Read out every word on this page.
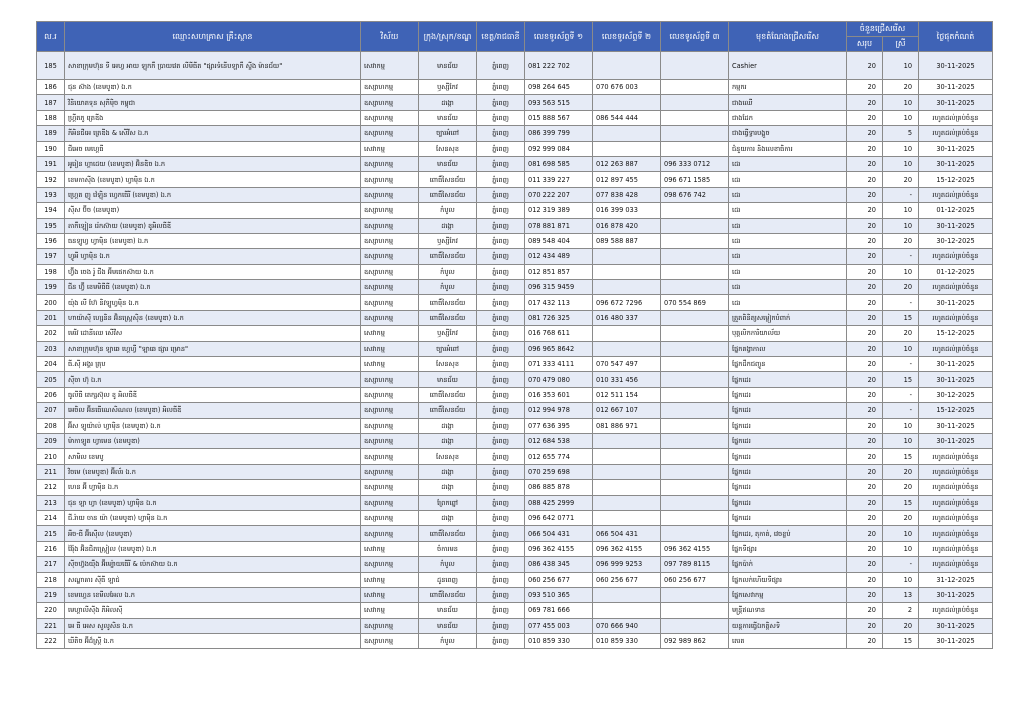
ល.រ	ឈ្មោះសហគ្រាស គ្រឹះស្ថាន	វិស័យ	ក្រុង/ស្រុក/ខណ្ឌ	ខេត្ត/រាជធានី	លេខទូរស័ព្ទទី ១	លេខទូរស័ព្ទទី ២	លេខទូរស័ព្ទទី ៣	មុខតំណែងជ្រើសរើស	ចំនួនជ្រើសរើស		ថ្ងៃផុតកំណត់
									សរុប	ស្រី	
185	សាខាក្រុមហ៊ុន ទី អេហ្វ អាយ ឡុកកឹ ប្រាយវេត លីមីធីត "ផ្សារទំនើបឡាកឹ ស្ទីង ម៉ានជ័យ"	សេវាកម្ម	មានជ័យ	ភ្នំពេញ	081 222 702			Cashier	20	10	30-11-2025
186	ជុន ស៊ាង (ខេមបូឌា) ឯ.ក	ឧស្សាហកម្ម	ឫស្សីកែវ	ភ្នំពេញ	098 264 645	070 676 003		កម្មករ	20	20	30-11-2025
187	វិនិយោគទុន សុភីម៉ិច កម្ពុជា	ឧស្សាហកម្ម	ដង្កោ	ភ្នំពេញ	093 563 515			ជាងឈើ	20	10	30-11-2025
188	ហ្គ្រីតភូ ត្រេឌីង	ឧស្សាហកម្ម	មានជ័យ	ភ្នំពេញ	015 888 567	086 544 444		ជាងដែក	20	10	រហូតដល់គ្រប់ចំនួន
189	ភីអិនជីអេ ត្រេឌីង & សើវីស ឯ.ក	ឧស្សាហកម្ម	ច្បារអំពៅ	ភ្នំពេញ	086 399 799			ជាងធ្វើទ្វារបង្អួច	20	5	រហូតដល់គ្រប់ចំនួន
190	ជីអេច មេហ្គេធី	សេវាកម្ម	សែនសុខ	ភ្នំពេញ	092 999 084			ជំនួយការ និងលេខាធិការ	20	10	30-11-2025
191	អូរៀន ហ្គាដេយ (ខេមបូឌា) អ៊ិនឌិច ឯ.ក	ឧស្សាហកម្ម	មានជ័យ	ភ្នំពេញ	081 698 585	012 263 887	096 333 0712	ដេរ	20	10	30-11-2025
192	ខេមកាស៊ីង (ខេមបូឌា) ហ្វាម៉ិន ឯ.ក	ឧស្សាហកម្ម	ពោធិ៍សែនជ័យ	ភ្នំពេញ	011 339 227	012 897 455	096 671 1585	ដេរ	20	20	15-12-2025
193	ហ្គ្រេត ញូ វ៉េឡ៉ិន ហ្វេកធើរី (ខេមបូឌា) ឯ.ក	ឧស្សាហកម្ម	ពោធិ៍សែនជ័យ	ភ្នំពេញ	070 222 207	077 838 428	098 676 742	ដេរ	20	-	រហូតដល់គ្រប់ចំនួន
194	ស៊ីស ប៊ីច (ខេមបូឌា)	ឧស្សាហកម្ម	កំបូល	ភ្នំពេញ	012 319 389	016 399 033		ដេរ	20	10	01-12-2025
195	តាកឹឡៀន រ៉េកស៊ាយ (ខេមបូឌា) ខូអិលធីឌី	ឧស្សាហកម្ម	ដង្កោ	ភ្នំពេញ	078 881 871	016 878 420		ដេរ	20	10	30-11-2025
196	ធនឡូហ្វ ហ្វាម៉ិន (ខេមបូឌា) ឯ.ក	ឧស្សាហកម្ម	ឫស្សីកែវ	ភ្នំពេញ	089 548 404	089 588 887		ដេរ	20	20	30-12-2025
197	ហ្វូអី ហ្វាម៉ិន ឯ.ក	ឧស្សាហកម្ម	ពោធិ៍សែនជ័យ	ភ្នំពេញ	012 434 489			ដេរ	20	-	រហូតដល់គ្រប់ចំនួន
198	ហ្វ៊ីង ចេង រ៉ូ ជីង អ៊ីមផេកស៊ាយ ឯ.ក	ឧស្សាហកម្ម	កំបូល	ភ្នំពេញ	012 851 857			ដេរ	20	10	01-12-2025
199	ជីន ហ្វ៊ី ខេមមិធីធី (ខេមបូឌា) ឯ.ក	ឧស្សាហកម្ម	កំបូល	ភ្នំពេញ	096 315 9459			ដេរ	20	20	រហូតដល់គ្រប់ចំនួន
200	យ៉ុង លី ហ៊ែ និវឡូហ្វម៉ិន ឯ.ក	ឧស្សាហកម្ម	ពោធិ៍សែនជ័យ	ភ្នំពេញ	017 432 113	096 672 7296	070 554 869	ដេរ	20	-	30-11-2025
201	ហាយ៉ាស៊ី ហ្សេនិន អ៊ិនស្ត្រេស៊ិន (ខេមបូឌា) ឯ.ក	ឧស្សាហកម្ម	ពោធិ៍សែនជ័យ	ភ្នំពេញ	081 726 325	016 480 337		ត្រួតពិនិត្យសម្លៀកបំពាក់	20	15	រហូតដល់គ្រប់ចំនួន
202	មេរីវ ដោនីឈេ សើវីស	សេវាកម្ម	ឫស្សីកែវ	ភ្នំពេញ	016 768 611			បុគ្គលិកការិយាល័យ	20	20	15-12-2025
203	សាខាក្រុមហ៊ុន ឡាឆេ ហ្គេហ្វី "ឡាឆេ ផ្សារ ម្រោន"	សេវាកម្ម	ច្បារអំពៅ	ភ្នំពេញ	096 965 8642			ផ្នែកគង្វាកាល	20	10	រហូតដល់គ្រប់ចំនួន
204	ធី.ស៊ី អង្គរ គ្រុប	សេវាកម្ម	សែនសុខ	ភ្នំពេញ	071 333 4111	070 547 497		ផ្នែកដឹកជញ្ជូន	20	-	30-11-2025
205	ស៊ីចា ហ៊ុ ឯ.ក	ឧស្សាហកម្ម	មានជ័យ	ភ្នំពេញ	070 479 080	010 331 456		ផ្នែកដេរ	20	15	30-11-2025
206	ធូលីធី តេក្សស៊ុល ខូ អិលធីឌី	ឧស្សាហកម្ម	ពោធិ៍សែនជ័យ	ភ្នំពេញ	016 353 601	012 511 154		ផ្នែកដេរ	20	-	30-12-2025
207	អេចិល អ៊ីនធើណេសិណល (ខេមបូឌា) អិលធីឌី	ឧស្សាហកម្ម	ពោធិ៍សែនជ័យ	ភ្នំពេញ	012 994 978	012 667 107		ផ្នែកដេរ	20	-	15-12-2025
208	អ៊ីស ឡូយ៉ាល់ ហ្វាម៉ិន (ខេមបូឌា) ឯ.ក	ឧស្សាហកម្ម	ដង្កោ	ភ្នំពេញ	077 636 395	081 886 971		ផ្នែកដេរ	20	10	30-11-2025
209	ម៉ាកាឡូត ហ្វាមេន (ខេមបូឌា)	ឧស្សាហកម្ម	ដង្កោ	ភ្នំពេញ	012 684 538			ផ្នែកដេរ	20	10	30-11-2025
210	សាមិល ខេមបូ	ឧស្សាហកម្ម	សែនសុខ	ភ្នំពេញ	012 655 774			ផ្នែកដេរ	20	15	រហូតដល់គ្រប់ចំនួន
211	វិចមេ (ខេមបូឌា) អ៊ីល័រ ឯ.ក	ឧស្សាហកម្ម	ដង្កោ	ភ្នំពេញ	070 259 698			ផ្នែកដេរ	20	20	រហូតដល់គ្រប់ចំនួន
212	ហេន អ៊ី ហ្វាម៉ិន ឯ.ក	ឧស្សាហកម្ម	ដង្កោ	ភ្នំពេញ	086 885 878			ផ្នែកដេរ	20	20	រហូតដល់គ្រប់ចំនួន
213	ជុន ឡា ហ្វា (ខេមបូឌា) ហ្វាម៉ិន ឯ.ក	ឧស្សាហកម្ម	ព្រែកព្នៅ	ភ្នំពេញ	088 425 2999			ផ្នែកដេរ	20	15	រហូតដល់គ្រប់ចំនួន
214	ជី.រ៉ាយ ចាន យ៉ា (ខេមបូឌា) ហ្វាម៉ិន ឯ.ក	ឧស្សាហកម្ម	ដង្កោ	ភ្នំពេញ	096 642 0771			ផ្នែកដេរ	20	20	រហូតដល់គ្រប់ចំនួន
215	អឺច-ធី អ៊ីស៊ើល (ខេមបូឌា)	ឧស្សាហកម្ម	ពោធិ៍សែនជ័យ	ភ្នំពេញ	066 504 431	066 504 431		ផ្នែកដេរ, តុកាត់, វេចខ្ចប់	20	10	រហូតដល់គ្រប់ចំនួន
216	វ៉ៃរ៉ុង អ៊ិនជិតស្ត្រៀល (ខេមបូឌា) ឯ.ក	សេវាកម្ម	ចំការមន	ភ្នំពេញ	096 362 4155	096 362 4155	096 362 4155	ផ្នែកទីផ្សារ	20	10	រហូតដល់គ្រប់ចំនួន
217	ស៊ីចហ្វ៊ងយ៉ឹង អ៊ីម្ប៉ោយធើរី & ប៉េកស៊ាយ ឯ.ក	ឧស្សាហកម្ម	កំបូល	ភ្នំពេញ	086 438 345	096 999 9253	097 789 8115	ផ្នែកប៉ាក់	20	-	រហូតដល់គ្រប់ចំនួន
218	សណ្ឋាគារ សុីធី ឡាជ់	សេវាកម្ម	ដូនពេញ	ភ្នំពេញ	060 256 677	060 256 677	060 256 677	ផ្នែកលក់ហើយទីផ្សារ	20	10	31-12-2025
219	ខេមហ្គេន ខេមីលអែល ឯ.ក	សេវាកម្ម	ពោធិ៍សែនជ័យ	ភ្នំពេញ	093 510 365			ផ្នែកសេវាកម្ម	20	13	30-11-2025
220	មេហ្គាលីស៊ីង ភីអិលស៊ី	សេវាកម្ម	មានជ័យ	ភ្នំពេញ	069 781 666			មន្ត្រីឥណទាន	20	2	រហូតដល់គ្រប់ចំនួន
221	អេ ធី អេស សូលូសិន ឯ.ក	ឧស្សាហកម្ម	មានជ័យ	ភ្នំពេញ	077 455 003	070 666 940		យន្តការធ្វើឯកត្តិសទិ	20	20	30-11-2025
222	ឃីតិច អ៊ីដ៏ស្ត្រី ឯ.ក	ឧស្សាហកម្ម	កំបូល	ភ្នំពេញ	010 859 330	010 859 330	092 989 862	តេរត	20	15	30-11-2025
